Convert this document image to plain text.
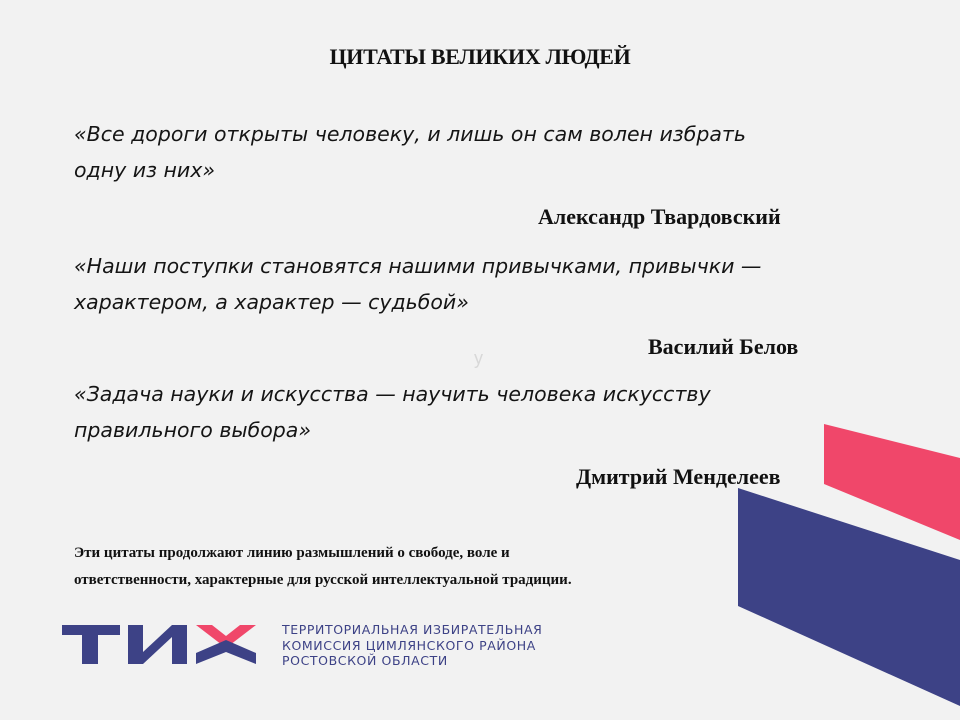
ЦИТАТЫ ВЕЛИКИХ ЛЮДЕЙ
«Все дороги открыты человеку, и лишь он сам волен избрать
одну из них»
Александр Твардовский
«Наши поступки становятся нашими привычками, привычки —
характером, а характер — судьбой»
Василий Белов
у
«Задача науки и искусства — научить человека искусству
правильного выбора»
Дмитрий Менделеев
Эти цитаты продолжают линию размышлений о свободе, воле и
ответственности, характерные для русской интеллектуальной традиции.
ТЕРРИТОРИАЛЬНАЯ ИЗБИРАТЕЛЬНАЯ
КОМИССИЯ ЦИМЛЯНСКОГО РАЙОНА
РОСТОВСКОЙ ОБЛАСТИ
